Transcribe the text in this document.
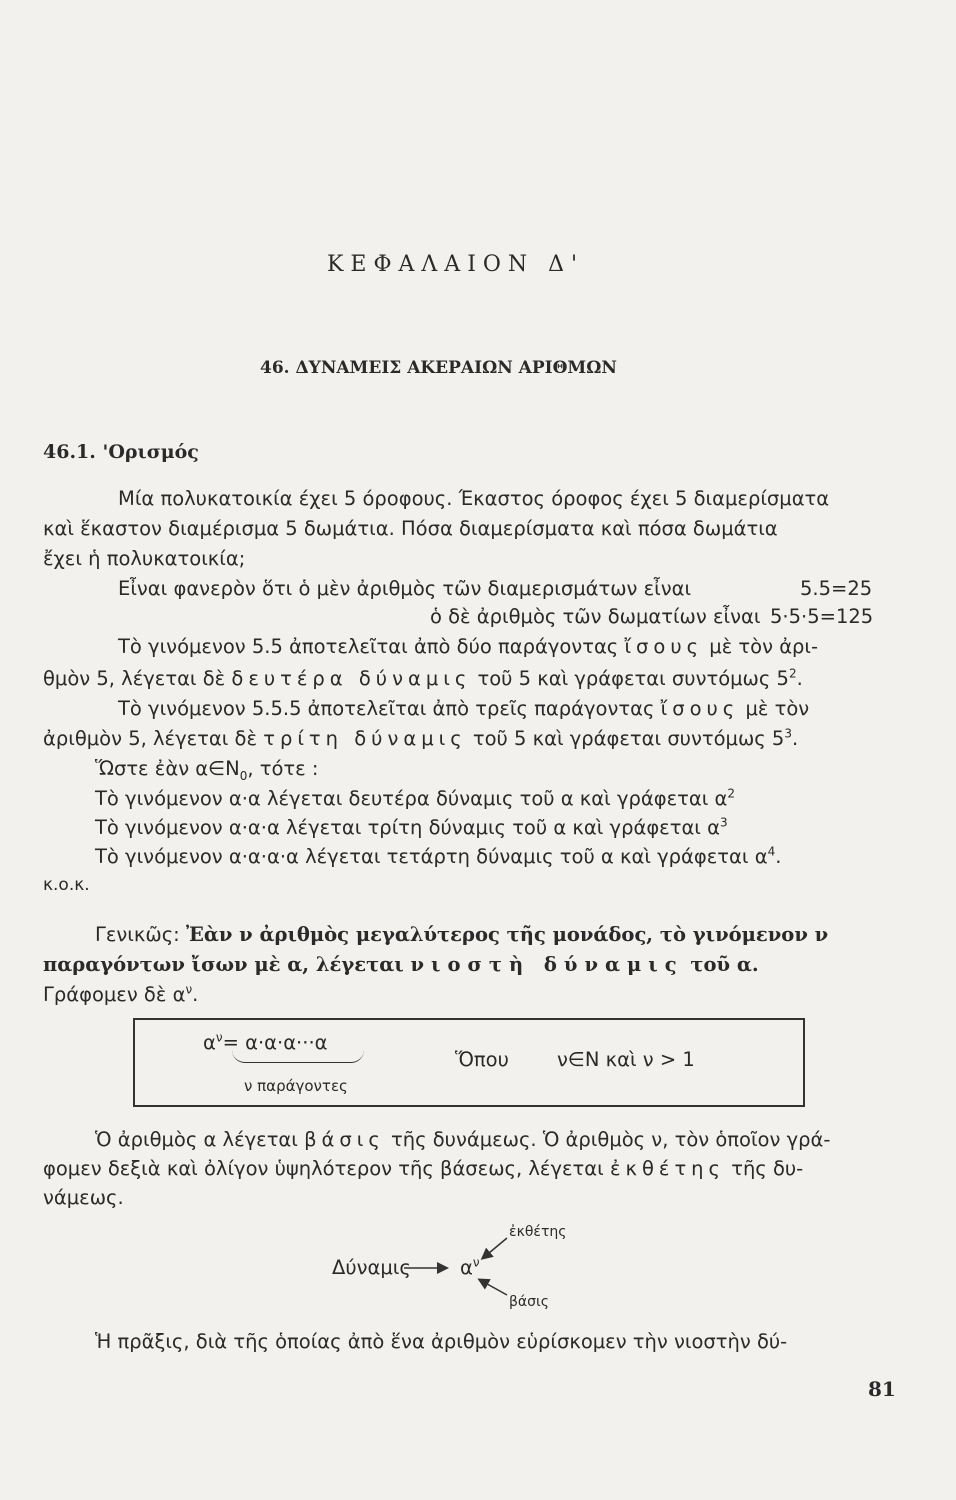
ΚΕΦΑΛΑΙΟΝ Δ'
46. ΔΥΝΑΜΕΙΣ ΑΚΕΡΑΙΩΝ ΑΡΙΘΜΩΝ
46.1. 'Ορισμός
Μία πολυκατοικία έχει 5 όροφους. Έκαστος όροφος έχει 5 διαμερίσματα
καὶ ἕκαστον διαμέρισμα 5 δωμάτια. Πόσα διαμερίσματα καὶ πόσα δωμάτια
ἔχει ἡ πολυκατοικία;
Εἶναι φανερὸν ὅτι ὁ μὲν ἀριθμὸς τῶν διαμερισμάτων εἶναι	5.5=25
ὁ δὲ ἀριθμὸς τῶν δωματίων εἶναι 5·5·5=125
Τὸ γινόμενον 5.5 ἀποτελεῖται ἀπὸ δύο παράγοντας ἴσους μὲ τὸν ἀρι-
θμὸν 5, λέγεται δὲ δευτέρα δύναμις τοῦ 5 καὶ γράφεται συντόμως $5^2$.
Τὸ γινόμενον 5.5.5 ἀποτελεῖται ἀπὸ τρεῖς παράγοντας ἴσους μὲ τὸν
ἀριθμὸν 5, λέγεται δὲ τρίτη δύναμις τοῦ 5 καὶ γράφεται συντόμως $5^3$.
Ὥστε ἐὰν $\alpha\in N_0$, τότε :
Τὸ γινόμενον α·α λέγεται δευτέρα δύναμις τοῦ α καὶ γράφεται $\alpha^2$
Τὸ γινόμενον α·α·α λέγεται τρίτη δύναμις τοῦ α καὶ γράφεται $\alpha^3$
Τὸ γινόμενον α·α·α·α λέγεται τετάρτη δύναμις τοῦ α καὶ γράφεται $\alpha^4$.
κ.ο.κ.
Γενικῶς: Ἐὰν ν ἀριθμὸς μεγαλύτερος τῆς μονάδος, τὸ γινόμενον ν
παραγόντων ἴσων μὲ α, λέγεται νιοστὴ δύναμις τοῦ α.
Γράφομεν δὲ $\alpha^\nu$.
$\alpha^\nu= \alpha\cdot\alpha\cdot\alpha\cdot\cdot\cdot\alpha$
ν παράγοντες
Ὅπου ν∈N καὶ ν > 1
Ὁ ἀριθμὸς α λέγεται βάσις τῆς δυνάμεως. Ὁ ἀριθμὸς ν, τὸν ὁποῖον γρά-
φομεν δεξιὰ καὶ ὀλίγον ὑψηλότερον τῆς βάσεως, λέγεται ἐκθέτης τῆς δυ-
νάμεως.
ἐκθέτης
Δύναμις	$\alpha^\nu$
βάσις
Ἡ πρᾶξις, διὰ τῆς ὁποίας ἀπὸ ἕνα ἀριθμὸν εὑρίσκομεν τὴν νιοστὴν δύ-
81
